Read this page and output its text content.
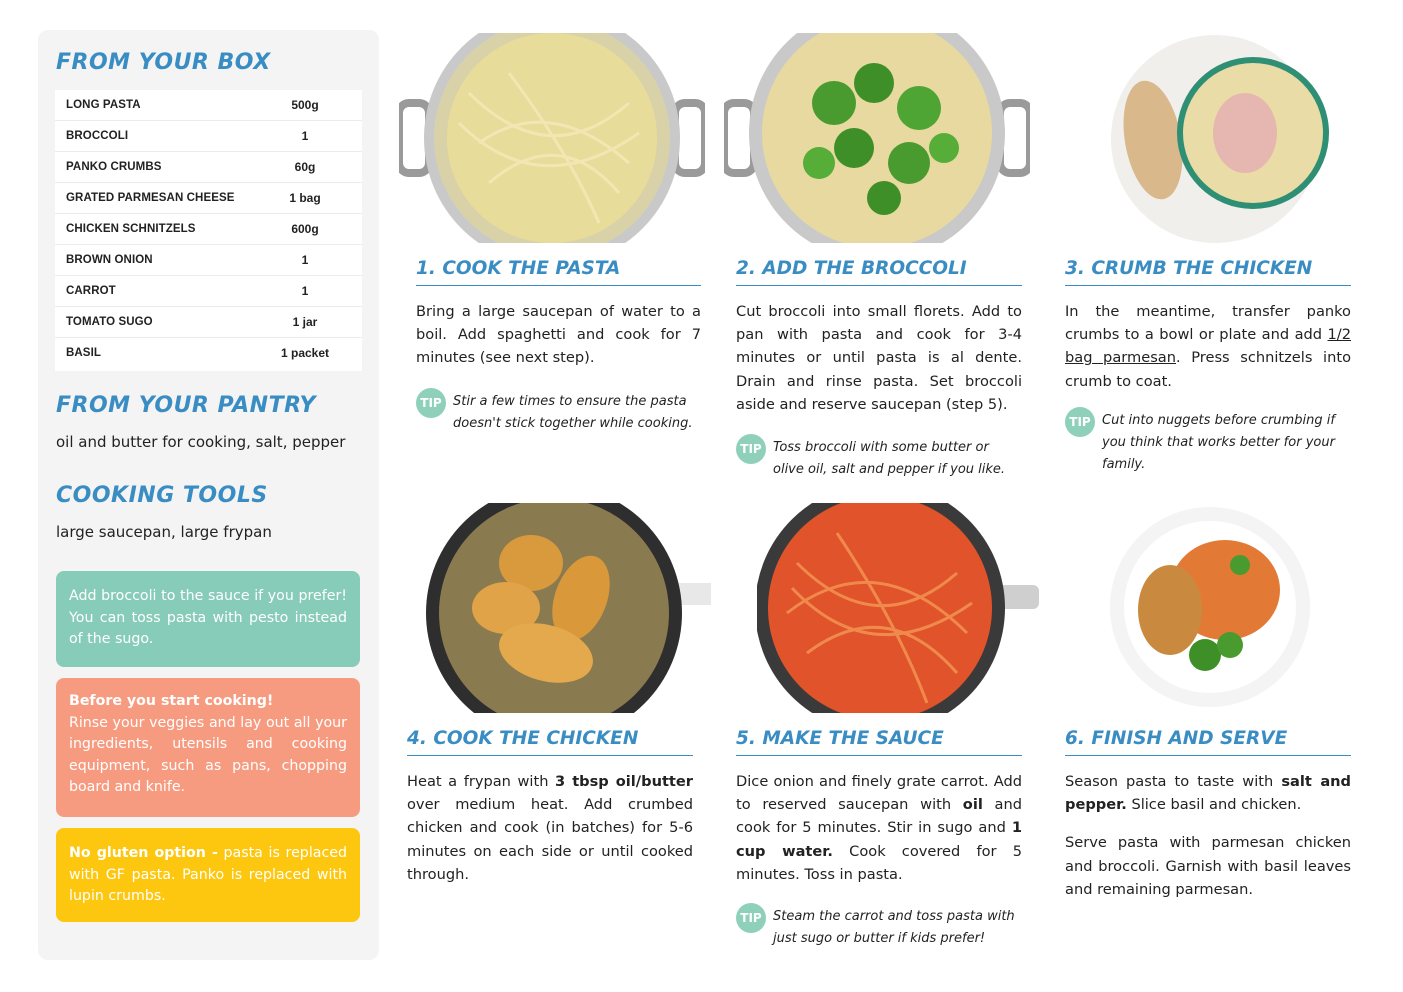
FROM YOUR BOX
LONG PASTA	500g
BROCCOLI	1
PANKO CRUMBS	60g
GRATED PARMESAN CHEESE	1 bag
CHICKEN SCHNITZELS	600g
BROWN ONION	1
CARROT	1
TOMATO SUGO	1 jar
BASIL	1 packet
FROM YOUR PANTRY
oil and butter for cooking, salt, pepper
COOKING TOOLS
large saucepan, large frypan
Add broccoli to the sauce if you prefer! You can toss pasta with pesto instead of the sugo.
Before you start cooking!
Rinse your veggies and lay out all your ingredients, utensils and cooking equipment, such as pans, chopping board and knife.
No gluten option - pasta is replaced with GF pasta. Panko is replaced with lupin crumbs.
1. COOK THE PASTA
Bring a large saucepan of water to a boil. Add spaghetti and cook for 7 minutes (see next step).
TIP Stir a few times to ensure the pasta doesn't stick together while cooking.
2. ADD THE BROCCOLI
Cut broccoli into small florets. Add to pan with pasta and cook for 3-4 minutes or until pasta is al dente. Drain and rinse pasta. Set broccoli aside and reserve saucepan (step 5).
TIP Toss broccoli with some butter or olive oil, salt and pepper if you like.
3. CRUMB THE CHICKEN
In the meantime, transfer panko crumbs to a bowl or plate and add 1/2 bag parmesan. Press schnitzels into crumb to coat.
TIP Cut into nuggets before crumbing if you think that works better for your family.
4. COOK THE CHICKEN
Heat a frypan with 3 tbsp oil/butter over medium heat. Add crumbed chicken and cook (in batches) for 5-6 minutes on each side or until cooked through.
5. MAKE THE SAUCE
Dice onion and finely grate carrot. Add to reserved saucepan with oil and cook for 5 minutes. Stir in sugo and 1 cup water. Cook covered for 5 minutes. Toss in pasta.
TIP Steam the carrot and toss pasta with just sugo or butter if kids prefer!
6. FINISH AND SERVE

Season pasta to taste with salt and pepper. Slice basil and chicken.

Serve pasta with parmesan chicken and broccoli. Garnish with basil leaves and remaining parmesan.
